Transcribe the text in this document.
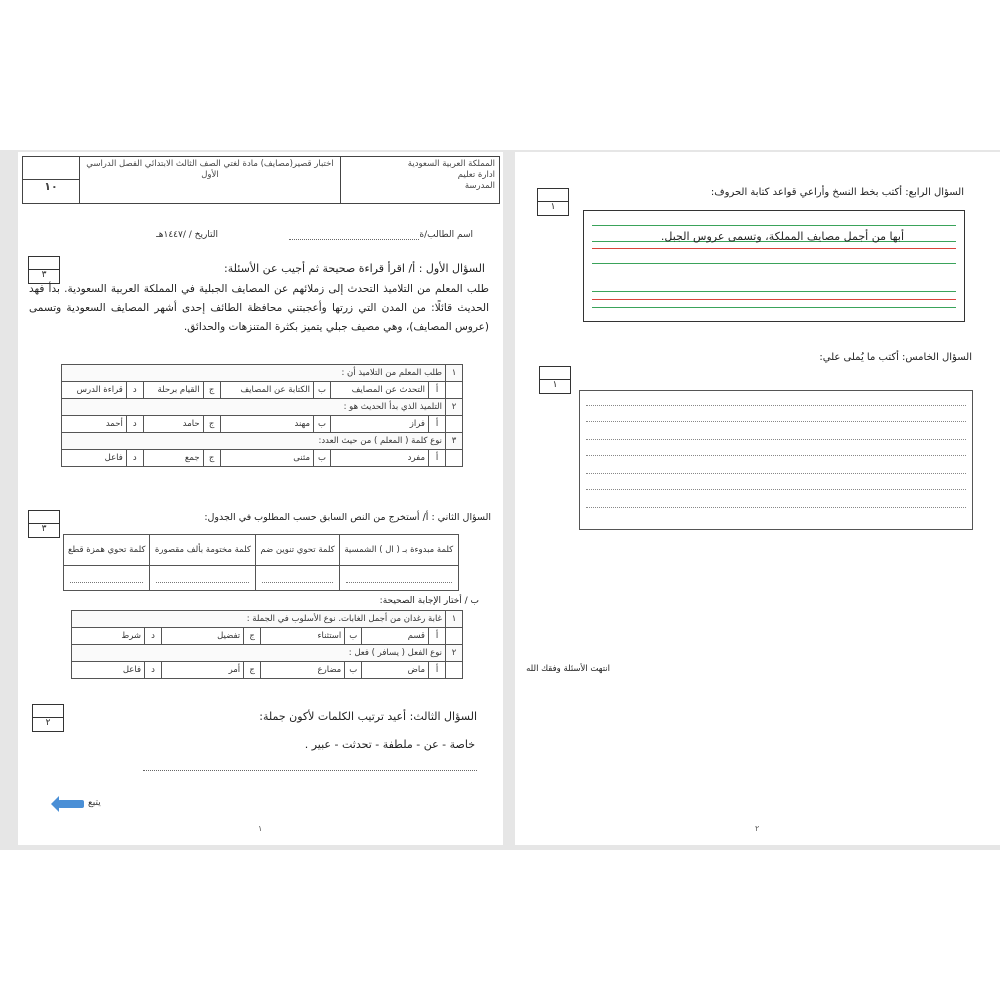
المملكة العربية السعودية
ادارة تعليم
المدرسة
اختبار قصير(مصايف) مادة لغتي الصف الثالث الابتدائي الفصل الدراسي الأول
١٠
اسم الطالب/ة
التاريخ / /١٤٤٧هـ
٣	السؤال الأول : أ/ اقرأ قراءة صحيحة ثم أجيب عن الأسئلة:
طلب المعلم من التلاميذ التحدث إلى زملائهم عن المصايف الجبلية في المملكة العربية السعودية. بدأ فهد الحديث قائلًا: من المدن التي زرتها وأعجبتني محافظة الطائف إحدى أشهر المصايف السعودية وتسمى (عروس المصايف)، وهي مصيف جبلي يتميز بكثرة المتنزهات والحدائق.
١	طلب المعلم من التلاميذ أن :							
	أ	التحدث عن المصايف	ب	الكتابة عن المصايف	ج	القيام برحلة	د	قراءة الدرس
٢	التلميذ الذي بدأ الحديث هو :							
	أ	فراز	ب	مهند	ج	حامد	د	أحمد
٣	نوع كلمة ( المعلم ) من حيث العدد:							
	أ	مفرد	ب	مثنى	ج	جمع	د	فاعل
٣
السؤال الثاني : أ/ أستخرج من النص السابق حسب المطلوب في الجدول:
كلمة مبدوءة بـ ( ال ) الشمسية	كلمة تحوي تنوين ضم	كلمة مختومة بألف مقصورة	كلمة تحوي همزة قطع

ب / أختار الإجابة الصحيحة:
١	غابة رغدان من أجمل الغابات. نوع الأسلوب في الجملة :							
	أ	قسم	ب	استثناء	ج	تفضيل	د	شرط
٢	نوع الفعل ( يسافر ) فعل :							
	أ	ماض	ب	مضارع	ج	أمر	د	فاعل
٢	السؤال الثالث: أعيد ترتيب الكلمات لأكون جملة:
خاصة - عن - ملطفة - تحدثت - عبير .
يتبع
١
١
السؤال الرابع: أكتب بخط النسخ وأراعي قواعد كتابة الحروف:
أبها من أجمل مصايف المملكة، وتسمى عروس الجبل.
١
السؤال الخامس: أكتب ما يُملى علي:
انتهت الأسئلة وفقك الله
٢
